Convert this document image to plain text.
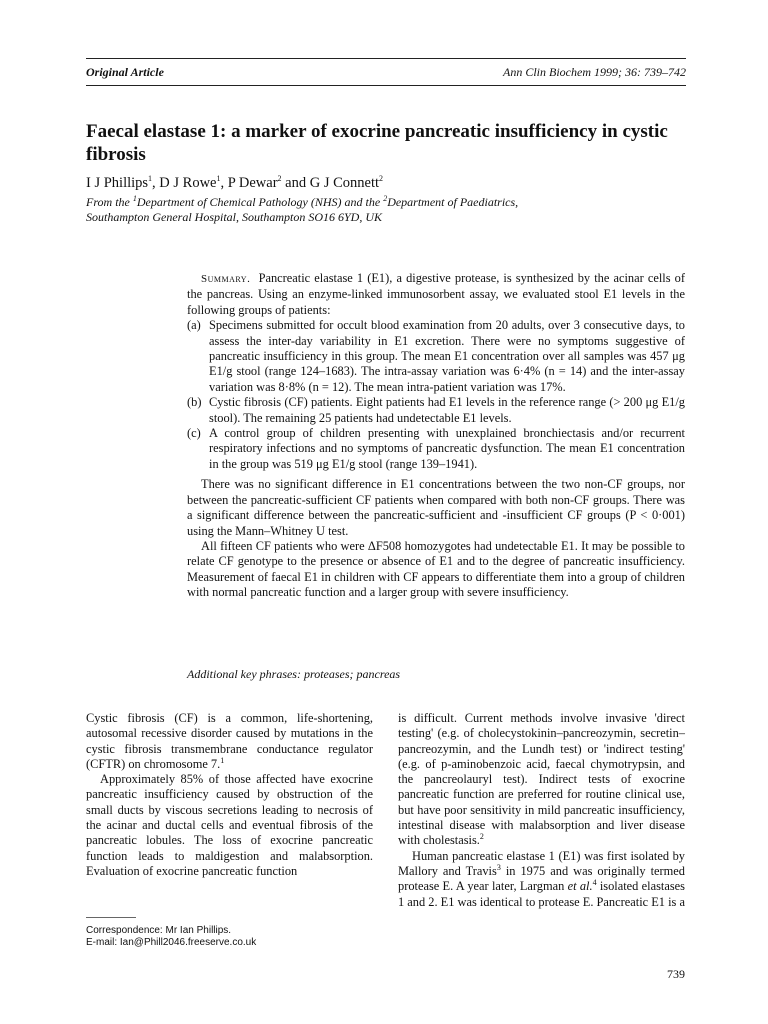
Original Article	Ann Clin Biochem 1999; 36: 739–742
Faecal elastase 1: a marker of exocrine pancreatic insufficiency in cystic fibrosis
I J Phillips$^1$, D J Rowe$^1$, P Dewar$^2$ and G J Connett$^2$
From the $^1$Department of Chemical Pathology (NHS) and the $^2$Department of Paediatrics,
Southampton General Hospital, Southampton SO16 6YD, UK

Summary. Pancreatic elastase 1 (E1), a digestive protease, is synthesized by the acinar cells of the pancreas. Using an enzyme-linked immunosorbent assay, we evaluated stool E1 levels in the following groups of patients:

(a) Specimens submitted for occult blood examination from 20 adults, over 3 consecutive days, to assess the inter-day variability in E1 excretion. There were no symptoms suggestive of pancreatic insufficiency in this group. The mean E1 concentration over all samples was 457 μg E1/g stool (range 124–1683). The intra-assay variation was 6·4% (n = 14) and the inter-assay variation was 8·8% (n = 12). The mean intra-patient variation was 17%.
(b) Cystic fibrosis (CF) patients. Eight patients had E1 levels in the reference range (> 200 μg E1/g stool). The remaining 25 patients had undetectable E1 levels.
(c) A control group of children presenting with unexplained bronchiectasis and/or recurrent respiratory infections and no symptoms of pancreatic dysfunction. The mean E1 concentration in the group was 519 μg E1/g stool (range 139–1941).

There was no significant difference in E1 concentrations between the two non-CF groups, nor between the pancreatic-sufficient CF patients when compared with both non-CF groups. There was a significant difference between the pancreatic-sufficient and -insufficient CF groups (P < 0·001) using the Mann–Whitney U test.

All fifteen CF patients who were ΔF508 homozygotes had undetectable E1. It may be possible to relate CF genotype to the presence or absence of E1 and to the degree of pancreatic insufficiency. Measurement of faecal E1 in children with CF appears to differentiate them into a group of children with normal pancreatic function and a larger group with severe insufficiency.

Additional key phrases: proteases; pancreas

Cystic fibrosis (CF) is a common, life-shortening, autosomal recessive disorder caused by mutations in the cystic fibrosis transmembrane conductance regulator (CFTR) on chromosome 7.$^1$

Approximately 85% of those affected have exocrine pancreatic insufficiency caused by obstruction of the small ducts by viscous secretions leading to necrosis of the acinar and ductal cells and eventual fibrosis of the pancreatic lobules. The loss of exocrine pancreatic function leads to maldigestion and malabsorption. Evaluation of exocrine pancreatic function

is difficult. Current methods involve invasive 'direct testing' (e.g. of cholecystokinin–pancreozymin, secretin–pancreozymin, and the Lundh test) or 'indirect testing' (e.g. of p-aminobenzoic acid, faecal chymotrypsin, and the pancreolauryl test). Indirect tests of exocrine pancreatic function are preferred for routine clinical use, but have poor sensitivity in mild pancreatic insufficiency, intestinal disease with malabsorption and liver disease with cholestasis.$^2$

Human pancreatic elastase 1 (E1) was first isolated by Mallory and Travis$^3$ in 1975 and was originally termed protease E. A year later, Largman et al.$^4$ isolated elastases 1 and 2. E1 was identical to protease E. Pancreatic E1 is a

Correspondence: Mr Ian Phillips.
E-mail: Ian@Phill2046.freeserve.co.uk
739
